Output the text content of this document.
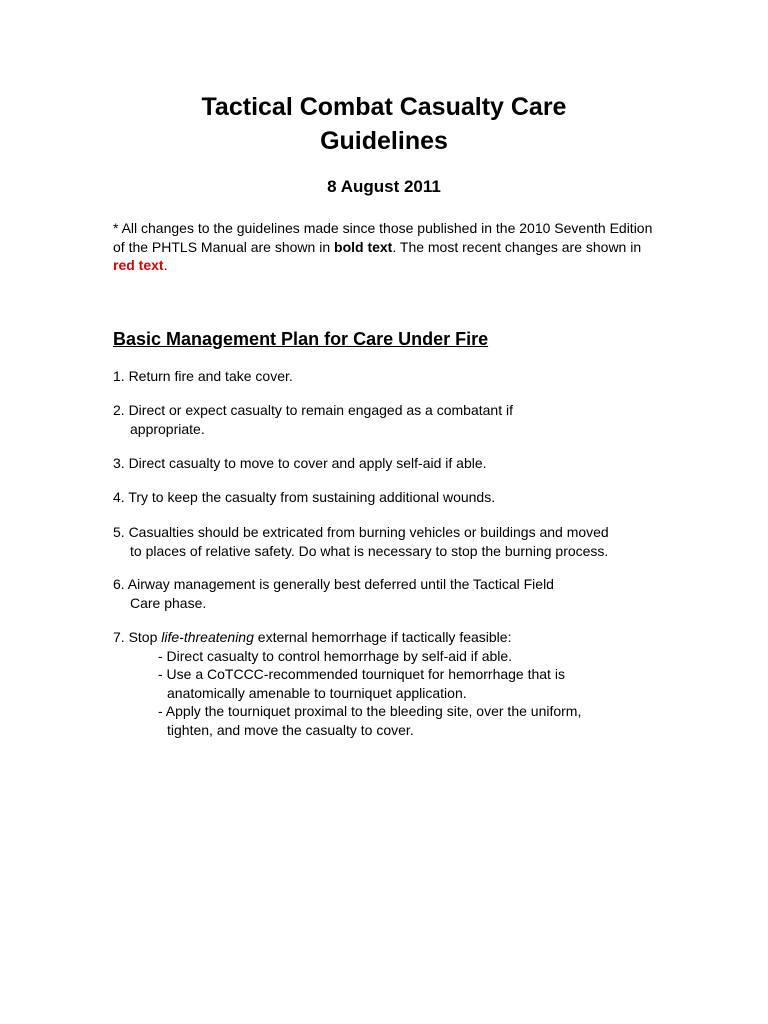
Tactical Combat Casualty Care
Guidelines

8 August 2011

* All changes to the guidelines made since those published in the 2010 Seventh Edition of the PHTLS Manual are shown in bold text. The most recent changes are shown in red text.

Basic Management Plan for Care Under Fire

1. Return fire and take cover.

2. Direct or expect casualty to remain engaged as a combatant if
appropriate.

3. Direct casualty to move to cover and apply self-aid if able.

4. Try to keep the casualty from sustaining additional wounds.

5. Casualties should be extricated from burning vehicles or buildings and moved
to places of relative safety. Do what is necessary to stop the burning process.

6. Airway management is generally best deferred until the Tactical Field
Care phase.

7. Stop life-threatening external hemorrhage if tactically feasible:
- Direct casualty to control hemorrhage by self-aid if able.
- Use a CoTCCC-recommended tourniquet for hemorrhage that is
anatomically amenable to tourniquet application.
- Apply the tourniquet proximal to the bleeding site, over the uniform,
tighten, and move the casualty to cover.
